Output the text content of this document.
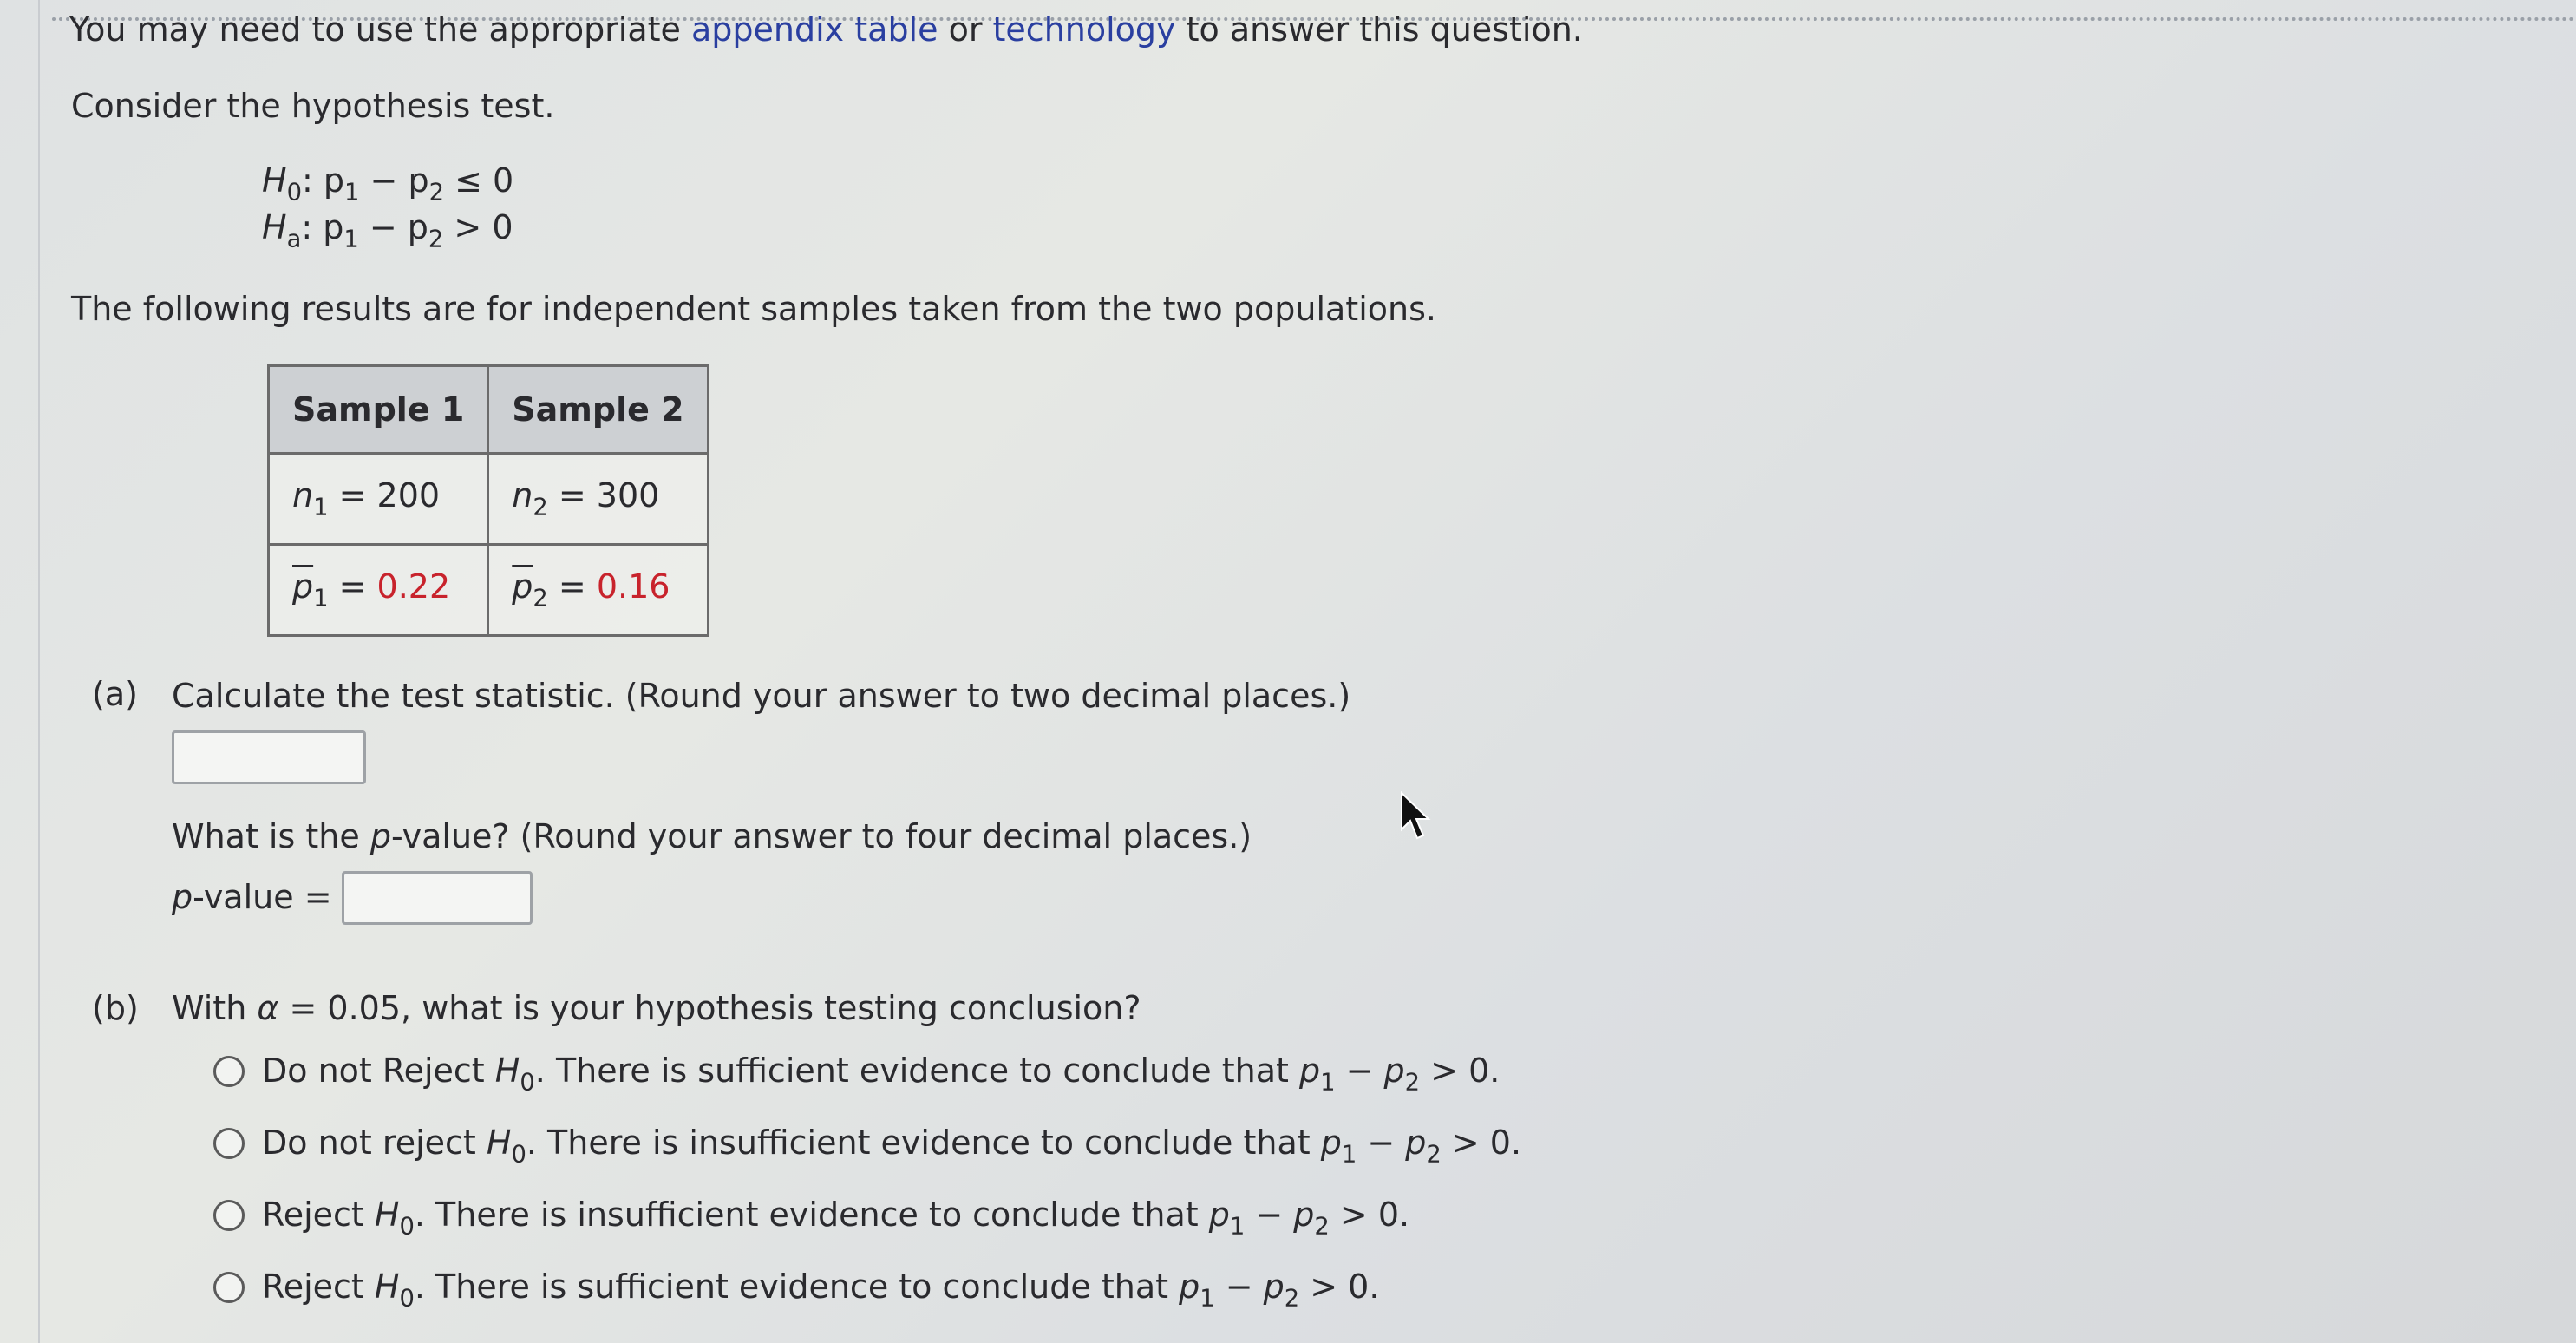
You may need to use the appropriate appendix table or technology to answer this question.
Consider the hypothesis test.
$H_0$: $p_1 - p_2 \le 0$
$H_a$: $p_1 - p_2 > 0$
The following results are for independent samples taken from the two populations.
Sample 1	Sample 2
$n_1 = 200$	$n_2 = 300$
$\overline{p}_1 = 0.22$	$\overline{p}_2 = 0.16$
(a) Calculate the test statistic. (Round your answer to two decimal places.)
What is the p-value? (Round your answer to four decimal places.)
p-value =
(b) With α = 0.05, what is your hypothesis testing conclusion?
Do not Reject $H_0$. There is sufficient evidence to conclude that $p_1 - p_2 > 0$.
Do not reject $H_0$. There is insufficient evidence to conclude that $p_1 - p_2 > 0$.
Reject $H_0$. There is insufficient evidence to conclude that $p_1 - p_2 > 0$.
Reject $H_0$. There is sufficient evidence to conclude that $p_1 - p_2 > 0$.
